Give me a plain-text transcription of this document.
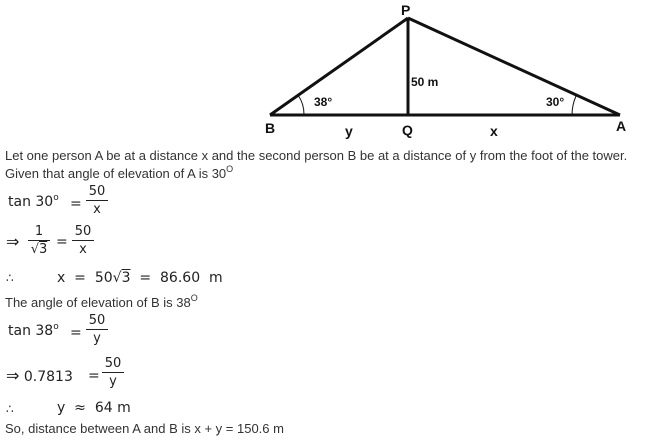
P
B	Q	A
y	x
50 m
38°	30°
Let one person A be at a distance x and the second person B be at a distance of y from the foot of the tower.
Given that angle of elevation of A is $30^O$
$\tan 30^o$ =
50
x
⇒
1
√3 =
50
x
∴	x  =  50√3  =  86.60  m
The angle of elevation of B is $38^O$
$\tan 38^o$ =
50
y
⇒ 0.7813 =
50
y
∴	y  ≈  64 m
So, distance between A and B is x + y = 150.6 m
